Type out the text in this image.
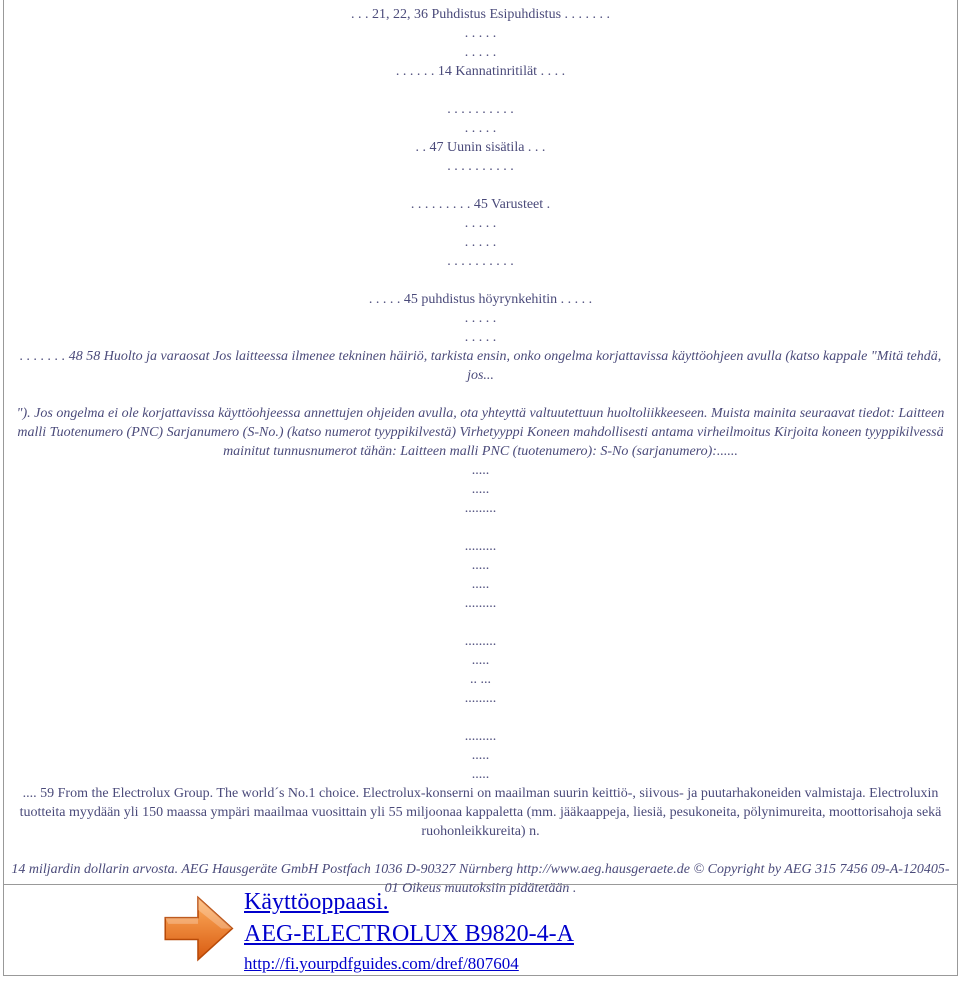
. . . 21, 22, 36 Puhdistus Esipuhdistus . . . . . . .
. . . . .
. . . . .
. . . . . . 14 Kannatinritilät . . . .

. . . . . . . . . .
. . . . .
. . 47 Uunin sisätila . . .
. . . . . . . . . .

. . . . . . . . . 45 Varusteet .
. . . . .
. . . . .
. . . . . . . . . .

. . . . . 45 puhdistus höyrynkehitin . . . . .
. . . . .
. . . . .
. . . . . . . 48 58 Huolto ja varaosat Jos laitteessa ilmenee tekninen häiriö, tarkista ensin, onko ongelma korjattavissa käyttöohjeen avulla (katso kappale "Mitä tehdä, jos...
"). Jos ongelma ei ole korjattavissa käyttöohjeessa annettujen ohjeiden avulla, ota yhteyttä valtuutettuun huoltoliikkeeseen. Muista mainita seuraavat tiedot: Laitteen malli Tuotenumero (PNC) Sarjanumero (S-No.) (katso numerot tyyppikilvestä) Virhetyyppi Koneen mahdollisesti antama virheilmoitus Kirjoita koneen tyyppikilvessä mainitut tunnusnumerot tähän: Laitteen malli PNC (tuotenumero): S-No (sarjanumero):......
.....
.....
.........

.........
.....
.....
.........

.........
.....
.. ...
.........

.........
.....
.....
.... 59 From the Electrolux Group. The world´s No.1 choice. Electrolux-konserni on maailman suurin keittiö-, siivous- ja puutarhakoneiden valmistaja. Electroluxin tuotteita myydään yli 150 maassa ympäri maailmaa vuosittain yli 55 miljoonaa kappaletta (mm. jääkaappeja, liesiä, pesukoneita, pölynimureita, moottorisahoja sekä ruohonleikkureita) n.
14 miljardin dollarin arvosta. AEG Hausgeräte GmbH Postfach 1036 D-90327 Nürnberg http://www.aeg.hausgeraete.de © Copyright by AEG 315 7456 09-A-120405-01 Oikeus muutoksiin pidätetään .
Käyttöoppaasi.
AEG-ELECTROLUX B9820-4-A
http://fi.yourpdfguides.com/dref/807604
